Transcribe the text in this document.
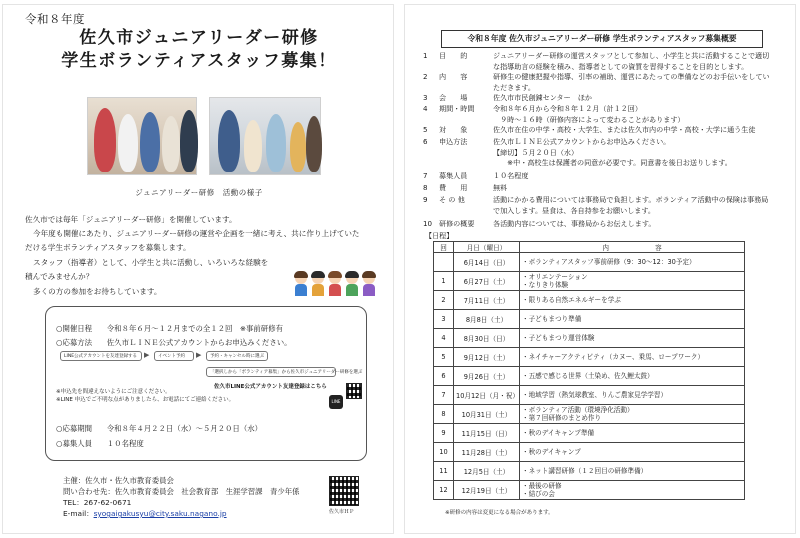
令和８年度
佐久市ジュニアリーダー研修
学生ボランティアスタッフ募集！
ジュニアリーダー研修　活動の様子
佐久市では毎年「ジュニアリーダー研修」を開催しています。
今年度も開催にあたり、ジュニアリーダー研修の運営や企画を一緒に考え、共に作り上げていた
だける学生ボランティアスタッフを募集します。
スタッフ（指導者）として、小学生と共に活動し、いろいろな経験を
積んでみませんか？
多くの方の参加をお待ちしています。
○開催日程　　令和８年６月～１２月までの全１２回　※事前研修有
○応募方法　　佐久市ＬＩＮＥ公式アカウントからお申込みください。
LINE公式アカウントを友達登録する	▶	イベント予約	▶	予約・キャンセル時に選ぶ
「選択しから「ボランティア募集」から佐久市ジュニアリーダー研修を選ぶ
佐久市LINE公式アカウント友達登録はこちら
LINE
※申込先を間違えないようにご注意ください。
※LINE 申込でご不明な点がありましたら、お電話にてご連絡ください。
○応募期間　　令和８年４月２２日（水）～５月２０日（水）
○募集人員　　１０名程度
主催：佐久市・佐久市教育委員会
問い合わせ先：佐久市教育委員会　社会教育部　生涯学習課　青少年係
TEL：267-62-0671
E-mail：syogaigakusyu@city.saku.nagano.jp	佐久市ＨＰ
令和８年度 佐久市ジュニアリーダー研修 学生ボランティアスタッフ募集概要
1 目　　的	ジュニアリーダー研修の運営スタッフとして参加し、小学生と共に活動することで適切
な指導助言の経験を積み、指導者としての資質を習得することを目的とします。
2 内　　容	研修生の健康把握や指導、引率の補助、運営にあたっての準備などのお手伝いをしてい
ただきます。
3 会　　場	佐久市市民創錬センター　ほか
4 期間・時間	令和８年６月から令和８年１２月（計１２回）
　９時～１６時（研修内容によって変わることがあります）
5 対　　象	佐久市在住の中学・高校・大学生、または佐久市内の中学・高校・大学に通う生徒
6 申込方法	佐久市ＬＩＮＥ公式アカウントからお申込みください。
【締切】５月２０日（水）
　　※中・高校生は保護者の同意が必要です。同意書を後日お送りします。
7 募集人員	１０名程度
8 費　　用	無料
9 そ の 他	活動にかかる費用については事務局で負担します。ボランティア活動中の保険は事務局
で加入します。昼食は、各自持参をお願いします。
10 研修の概要	各活動内容については、事務局からお伝えします。
【日程】
回	月日（曜日）	内　　　　　　　容
	6月14日（日）	・ボランティアスタッフ事前研修（9：30～12：30予定）

1	6月27日（土）	・オリエンテーション
・なりきり体験

2	7月11日（土）	・限りある自然エネルギーを学ぶ

3	8月8日（土）	・子どもまつり準備

4	8月30日（日）	・子どもまつり運営体験

5	9月12日（土）	・ネイチャーアクティビティ（カヌー、乗馬、ロープワーク）

6	9月26日（土）	・五感で感じる世界（土染め、佐久鯉太鼓）

7	10月12日（月・祝）	・地域学習（熱気球教室、りんご農家見学学習）

8	10月31日（土）	・ボランティア活動（環境浄化活動）
・第７回研修のまとめ作り

9	11月15日（日）	・秋のデイキャンプ準備

10	11月28日（土）	・秋のデイキャンプ

11	12月5日（土）	・ネット講習研修（１２回目の研修準備）

12	12月19日（土）	・最後の研修
・結びの会
※研修の内容は変更になる場合があります。
